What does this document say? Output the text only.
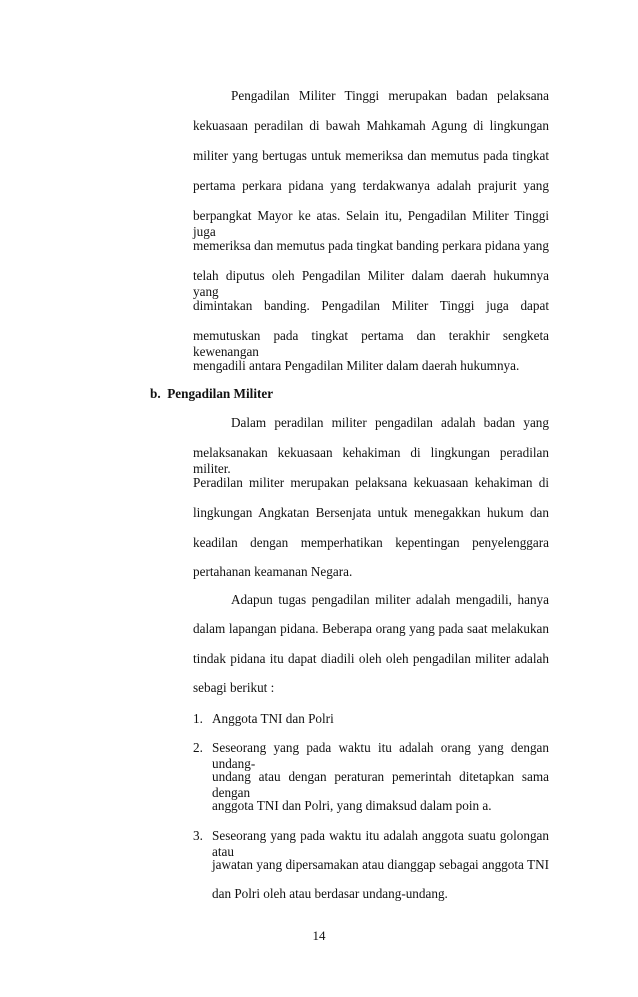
Pengadilan Militer Tinggi merupakan badan pelaksana
kekuasaan peradilan di bawah Mahkamah Agung di lingkungan
militer yang bertugas untuk memeriksa dan memutus pada tingkat
pertama perkara pidana yang terdakwanya adalah prajurit yang
berpangkat Mayor ke atas. Selain itu, Pengadilan Militer Tinggi juga
memeriksa dan memutus pada tingkat banding perkara pidana yang
telah diputus oleh Pengadilan Militer dalam daerah hukumnya yang
dimintakan banding. Pengadilan Militer Tinggi juga dapat
memutuskan pada tingkat pertama dan terakhir sengketa kewenangan
mengadili antara Pengadilan Militer dalam daerah hukumnya.
b.  Pengadilan Militer
Dalam peradilan militer pengadilan adalah badan yang
melaksanakan kekuasaan kehakiman di lingkungan peradilan militer.
Peradilan militer merupakan pelaksana kekuasaan kehakiman di
lingkungan Angkatan Bersenjata untuk menegakkan hukum dan
keadilan dengan memperhatikan kepentingan penyelenggara
pertahanan keamanan Negara.
Adapun tugas pengadilan militer adalah mengadili, hanya
dalam lapangan pidana. Beberapa orang yang pada saat melakukan
tindak pidana itu dapat diadili oleh oleh pengadilan militer adalah
sebagi berikut :
1. Anggota TNI dan Polri
2. Seseorang yang pada waktu itu adalah orang yang dengan undang-
undang atau dengan peraturan pemerintah ditetapkan sama dengan
anggota TNI dan Polri, yang dimaksud dalam poin a.
3. Seseorang yang pada waktu itu adalah anggota suatu golongan atau
jawatan yang dipersamakan atau dianggap sebagai anggota TNI
dan Polri oleh atau berdasar undang-undang.
14
